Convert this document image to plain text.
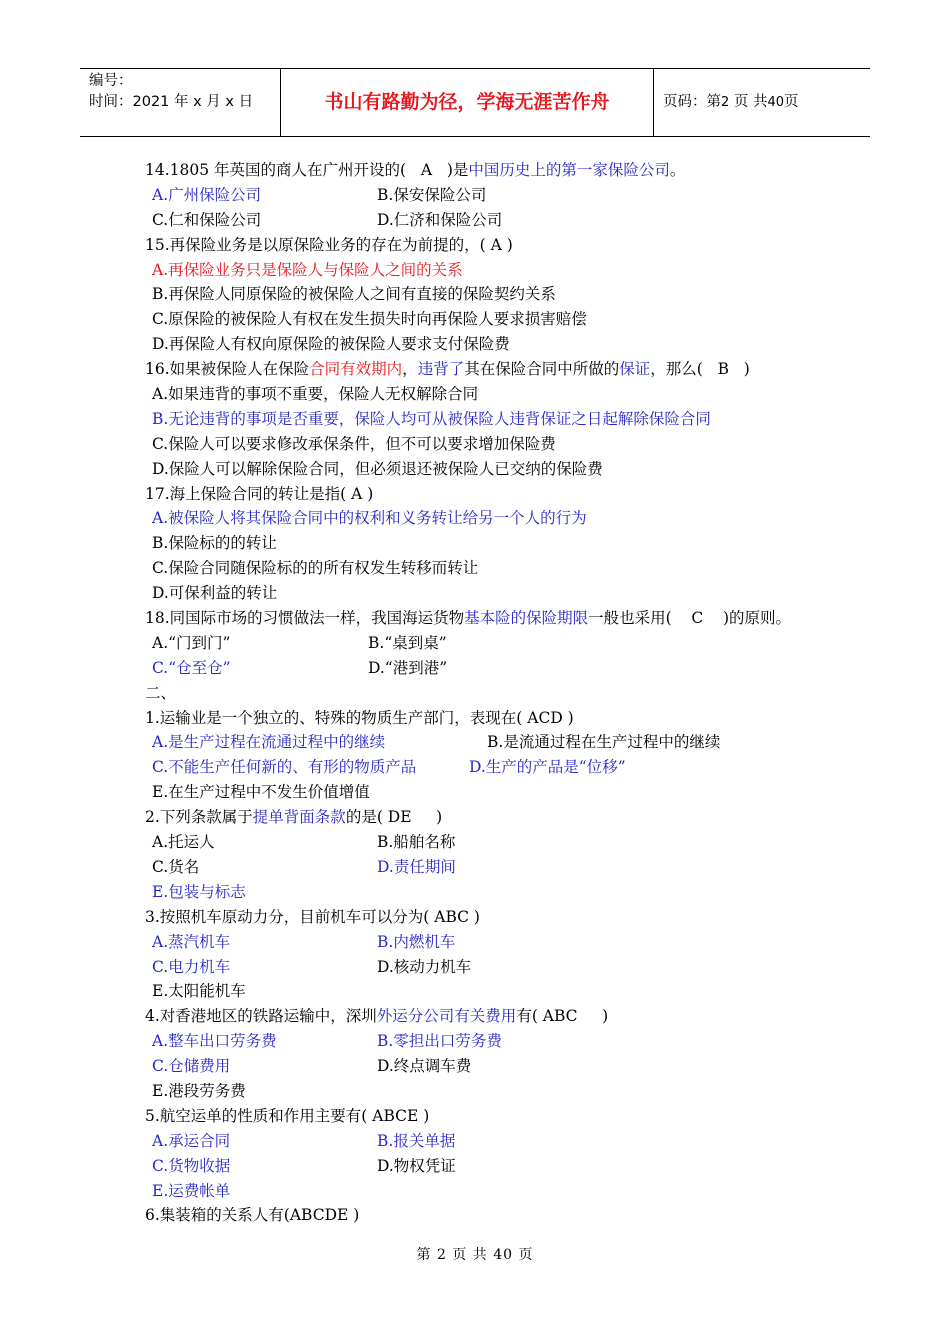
编号：
时间：2021 年 x 月 x 日	书山有路勤为径，学海无涯苦作舟	页码：第2 页 共40页
14.1805 年英国的商人在广州开设的(   A   )是中国历史上的第一家保险公司。
A.广州保险公司	B.保安保险公司
C.仁和保险公司	D.仁济和保险公司
15.再保险业务是以原保险业务的存在为前提的，( A )
A.再保险业务只是保险人与保险人之间的关系
B.再保险人同原保险的被保险人之间有直接的保险契约关系
C.原保险的被保险人有权在发生损失时向再保险人要求损害赔偿
D.再保险人有权向原保险的被保险人要求支付保险费
16.如果被保险人在保险合同有效期内，违背了其在保险合同中所做的保证，那么(   B   )
A.如果违背的事项不重要，保险人无权解除合同
B.无论违背的事项是否重要，保险人均可从被保险人违背保证之日起解除保险合同
C.保险人可以要求修改承保条件，但不可以要求增加保险费
D.保险人可以解除保险合同，但必须退还被保险人已交纳的保险费
17.海上保险合同的转让是指( A )
A.被保险人将其保险合同中的权利和义务转让给另一个人的行为
B.保险标的的转让
C.保险合同随保险标的的所有权发生转移而转让
D.可保利益的转让
18.同国际市场的习惯做法一样，我国海运货物基本险的保险期限一般也采用(    C    )的原则。
A.“门到门”	B.“桌到桌”
C.“仓至仓”	D.“港到港”
二、
1.运输业是一个独立的、特殊的物质生产部门，表现在( ACD )
A.是生产过程在流通过程中的继续	B.是流通过程在生产过程中的继续
C.不能生产任何新的、有形的物质产品	D.生产的产品是“位移”
E.在生产过程中不发生价值增值
2.下列条款属于提单背面条款的是( DE     )
A.托运人	B.船舶名称
C.货名	D.责任期间
E.包装与标志
3.按照机车原动力分，目前机车可以分为( ABC )
A.蒸汽机车	B.内燃机车
C.电力机车	D.核动力机车
E.太阳能机车
4.对香港地区的铁路运输中，深圳外运分公司有关费用有( ABC     )
A.整车出口劳务费	B.零担出口劳务费
C.仓储费用	D.终点调车费
E.港段劳务费
5.航空运单的性质和作用主要有( ABCE )
A.承运合同	B.报关单据
C.货物收据	D.物权凭证
E.运费帐单
6.集装箱的关系人有(ABCDE )
第 2 页 共 40 页
